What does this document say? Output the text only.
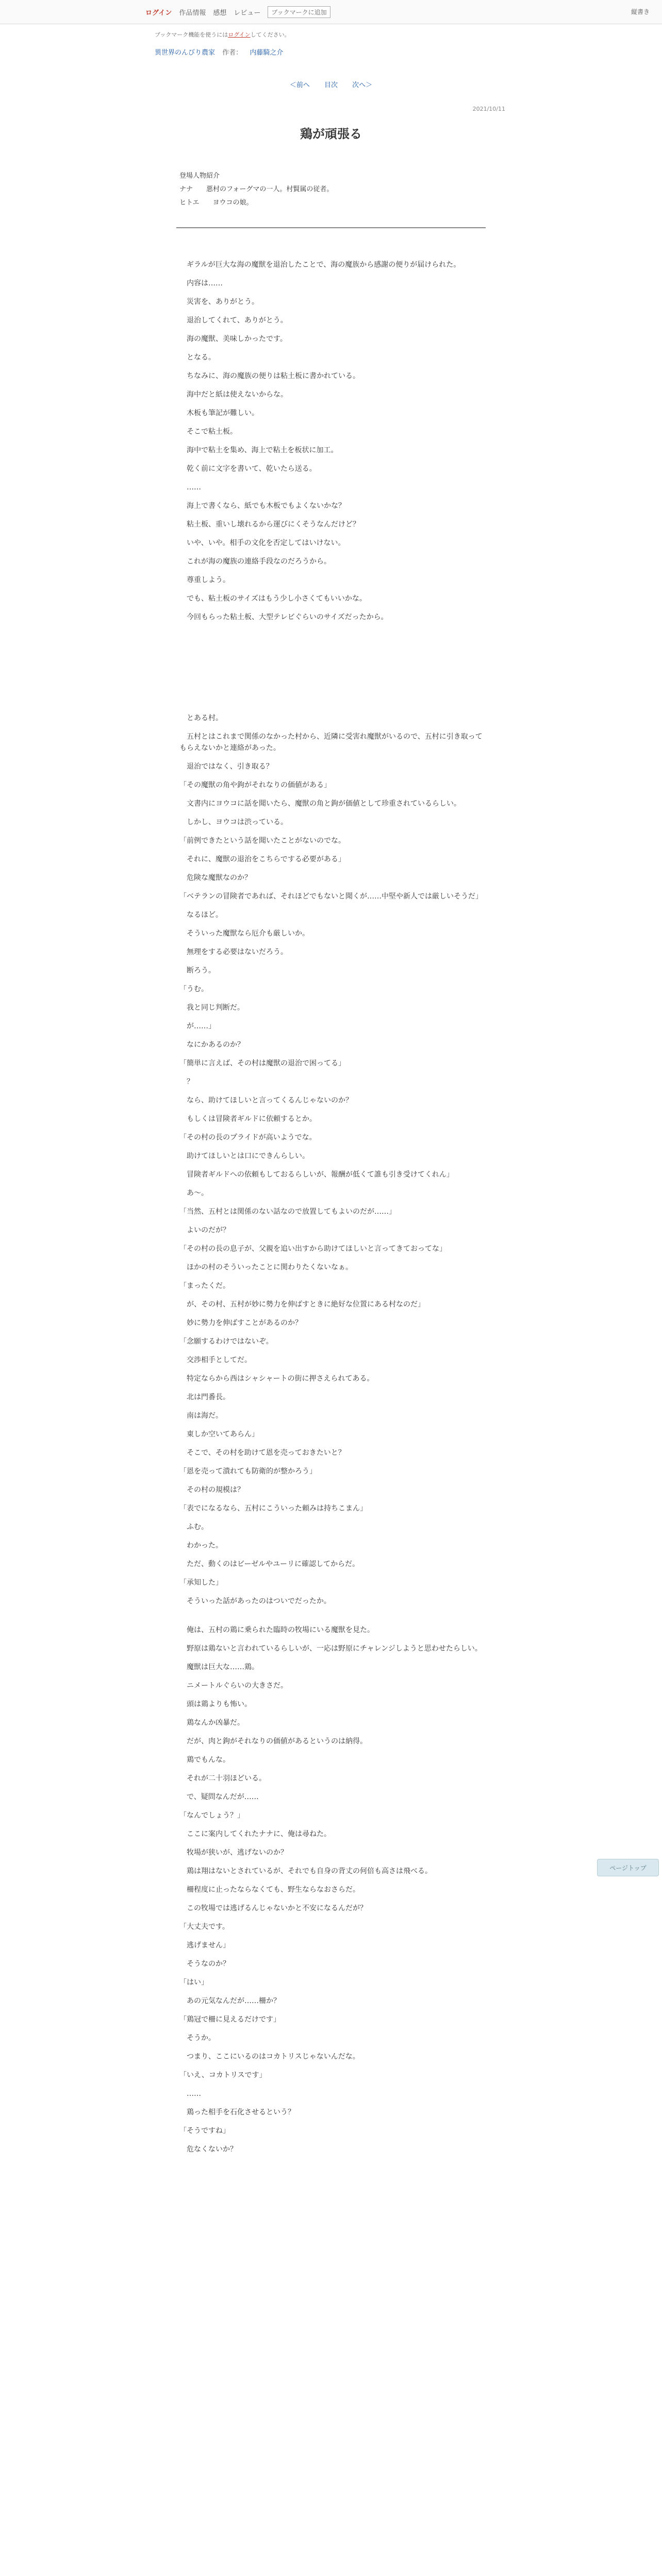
ログイン 作品情報 感想 レビュー	ブックマークに追加	縦書き
ブックマーク機能を使うにはログインしてください。
異世界のんびり農家 作者： 内藤騎之介
＜前へ 目次 次へ＞
2021/10/11
鶏が頑張る
登場人物紹介
ナナ　　悪村のフォーグマの一人。村賢属の従者。
ヒトエ　　ヨウコの娘。
　ギラルが巨大な海の魔獣を退治したことで、海の魔族から感謝の便りが届けられた。
　内容は……
　災害を、ありがとう。
　退治してくれて、ありがとう。
　海の魔獣、美味しかったです。
　となる。
　ちなみに、海の魔族の便りは粘土板に書かれている。
　海中だと紙は使えないからな。
　木板も筆記が難しい。
　そこで粘土板。
　海中で粘土を集め、海上で粘土を板状に加工。
　乾く前に文字を書いて、乾いたら送る。
　……
　海上で書くなら、紙でも木板でもよくないかな？
　粘土板、重いし壊れるから運びにくそうなんだけど？
　いや、いや。相手の文化を否定してはいけない。
　これが海の魔族の連絡手段なのだろうから。
　尊重しよう。
　でも、粘土板のサイズはもう少し小さくてもいいかな。
　今回もらった粘土板、大型テレビぐらいのサイズだったから。
　とある村。
　五村とはこれまで関係のなかった村から、近隣に受害れ魔獣がいるので、五村に引き取ってもらえないかと連絡があった。
　退治ではなく、引き取る？
「その魔獣の角や鉤がそれなりの価値がある」
　文書内にヨウコに話を聞いたら、魔獣の角と鉤が価値として珍重されているらしい。
　しかし、ヨウコは渋っている。
「前例できたという話を聞いたことがないのでな。
　それに、魔獣の退治をこちらでする必要がある」
　危険な魔獣なのか？
「ベテランの冒険者であれば、それほどでもないと聞くが……中堅や新人では厳しいそうだ」
　なるほど。
　そういった魔獣なら厄介も厳しいか。
　無理をする必要はないだろう。
　断ろう。
「うむ。
　我と同じ判断だ。
　が……」
　なにかあるのか？
「簡単に言えば、その村は魔獣の退治で困ってる」
　？
　なら、助けてほしいと言ってくるんじゃないのか？
　もしくは冒険者ギルドに依頼するとか。
「その村の長のプライドが高いようでな。
　助けてほしいとは口にできんらしい。
　冒険者ギルドへの依頼もしておるらしいが、報酬が低くて誰も引き受けてくれん」
　あ～。
「当然、五村とは関係のない話なので放置してもよいのだが……」
　よいのだが？
「その村の長の息子が、父親を追い出すから助けてほしいと言ってきておってな」
　ほかの村のそういったことに関わりたくないなぁ。
「まったくだ。
　が、その村、五村が妙に勢力を伸ばすときに絶好な位置にある村なのだ」
　妙に勢力を伸ばすことがあるのか？
「念願するわけではないぞ。
　交渉相手としてだ。
　特定ならから西はシャシャートの街に押さえられてある。
　北は門番長。
　南は海だ。
　東しか空いてあらん」
　そこで、その村を助けて恩を売っておきたいと？
「恩を売って潰れても防衛的が整かろう」
　その村の規模は？
「表でになるなら、五村にこういった頼みは持ちこまん」
　ふむ。
　わかった。
　ただ、動くのはビーゼルやユーリに確認してからだ。
「承知した」
　そういった話があったのはついでだったか。
　俺は、五村の鶏に乗られた臨時の牧場にいる魔獣を見た。
　野原は鶏ないと言われているらしいが、一応は野原にチャレンジしようと思わせたらしい。
　魔獣は巨大な……鶏。
　ニメートルぐらいの大きさだ。
　頭は鶏よりも怖い。
　鶏なんか凶暴だ。
　だが、肉と鉤がそれなりの価値があるというのは納得。
　鶏でもんな。
　それが二十羽ほどいる。
　で、疑問なんだが……
「なんでしょう？」
　ここに案内してくれたナナに、俺は尋ねた。
　牧場が狭いが、逃げないのか？
　鶏は翔はないとされているが、それでも自身の背丈の何倍も高さは飛べる。
　柵程度に止ったならなくても、野生ならなおさらだ。
　この牧場では逃げるんじゃないかと不安になるんだが？
「大丈夫です。
　逃げません」
　そうなのか？
「はい」
　あの元気なんだが……柵か？
「鶏冠で柵に見えるだけです」
　そうか。
　つまり、ここにいるのはコカトリスじゃないんだな。
「いえ、コカトリスです」
　……
　鶏った相手を石化させるという？
「そうですね」
　危なくないか？
ページトップ
